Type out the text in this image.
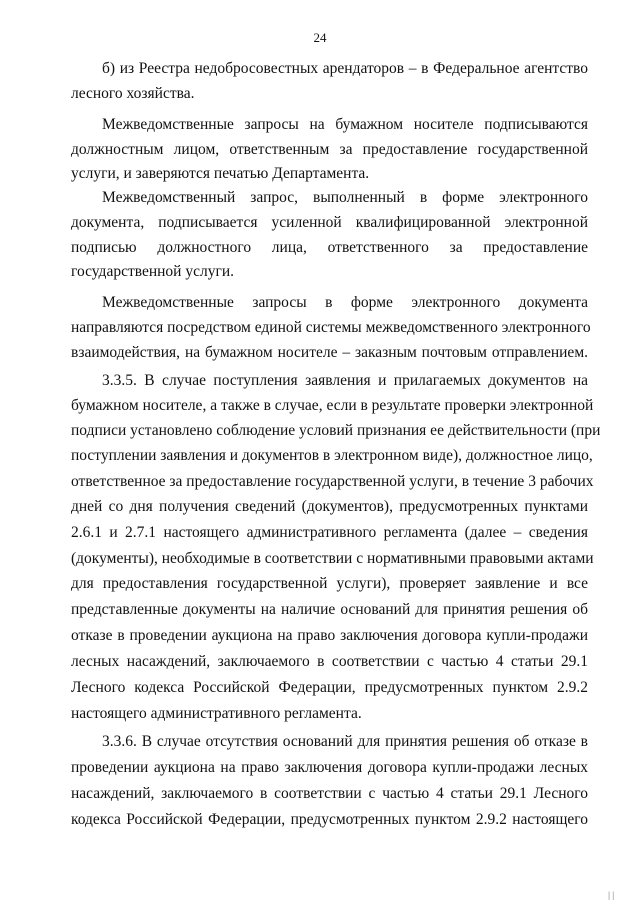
24

б) из Реестра недобросовестных арендаторов – в Федеральное агентство

лесного хозяйства.

Межведомственные запросы на бумажном носителе подписываются

должностным лицом, ответственным за предоставление государственной

услуги, и заверяются печатью Департамента.

Межведомственный запрос, выполненный в форме электронного

документа, подписывается усиленной квалифицированной электронной

подписью должностного лица, ответственного за предоставление

государственной услуги.

Межведомственные запросы в форме электронного документа

направляются посредством единой системы межведомственного электронного

взаимодействия, на бумажном носителе – заказным почтовым отправлением.

3.3.5. В случае поступления заявления и прилагаемых документов на

бумажном носителе, а также в случае, если в результате проверки электронной

подписи установлено соблюдение условий признания ее действительности (при

поступлении заявления и документов в электронном виде), должностное лицо,

ответственное за предоставление государственной услуги, в течение 3 рабочих

дней со дня получения сведений (документов), предусмотренных пунктами

2.6.1 и 2.7.1 настоящего административного регламента (далее – сведения

(документы), необходимые в соответствии с нормативными правовыми актами

для предоставления государственной услуги), проверяет заявление и все

представленные документы на наличие оснований для принятия решения об

отказе в проведении аукциона на право заключения договора купли-продажи

лесных насаждений, заключаемого в соответствии с частью 4 статьи 29.1

Лесного кодекса Российской Федерации, предусмотренных пунктом 2.9.2

настоящего административного регламента.

3.3.6. В случае отсутствия оснований для принятия решения об отказе в

проведении аукциона на право заключения договора купли-продажи лесных

насаждений, заключаемого в соответствии с частью 4 статьи 29.1 Лесного

кодекса Российской Федерации, предусмотренных пунктом 2.9.2 настоящего

| |
